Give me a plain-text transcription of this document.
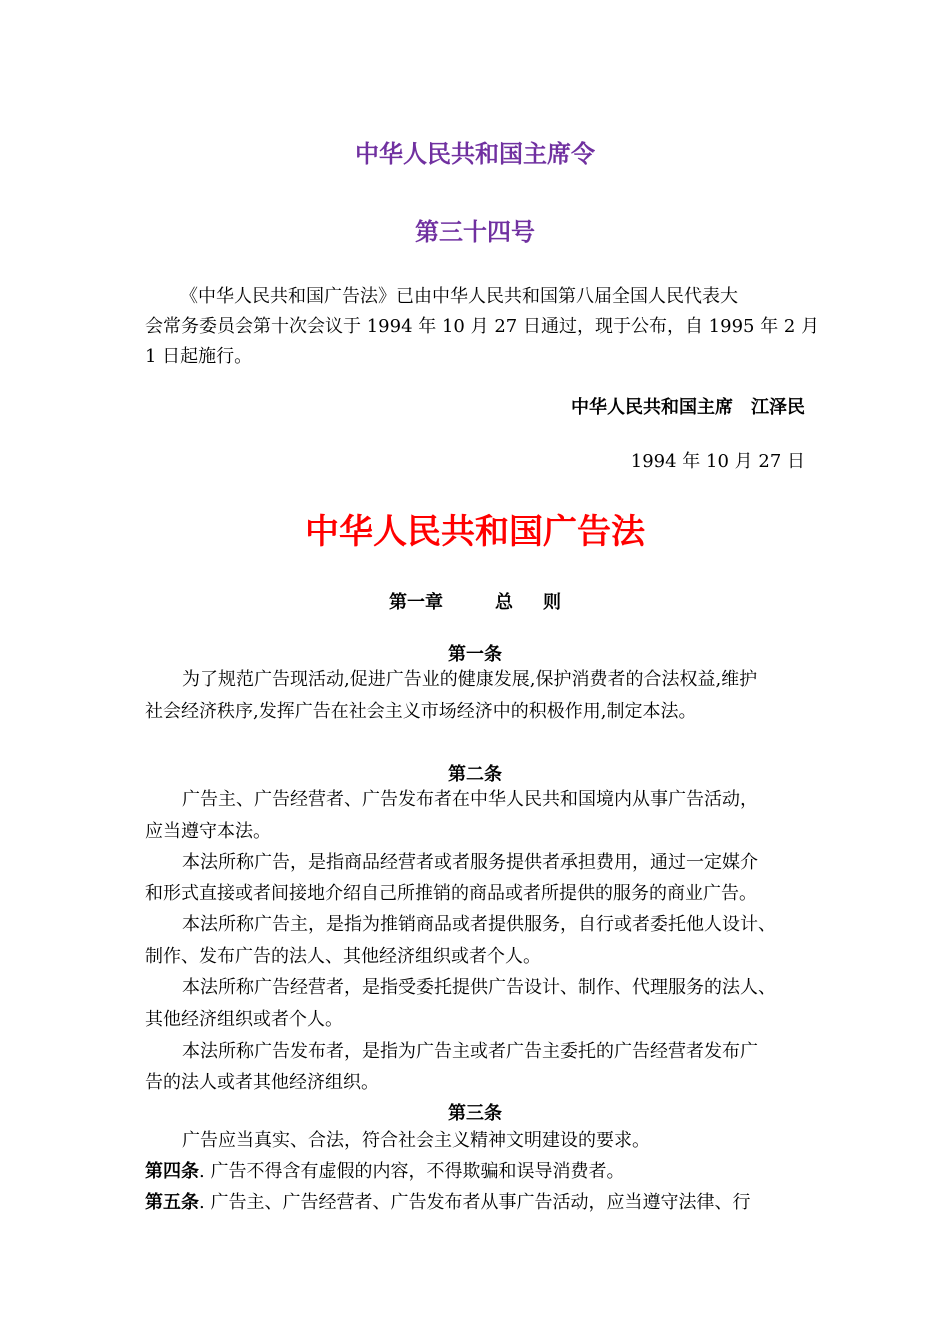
中华人民共和国主席令
第三十四号
《中华人民共和国广告法》已由中华人民共和国第八届全国人民代表大
会常务委员会第十次会议于 1994 年 10 月 27 日通过，现于公布，自 1995 年 2 月
1 日起施行。
中华人民共和国主席　江泽民
1994 年 10 月 27 日
中华人民共和国广告法
第一章	总 则
第一条
为了规范广告现活动,促进广告业的健康发展,保护消费者的合法权益,维护
社会经济秩序,发挥广告在社会主义市场经济中的积极作用,制定本法。
第二条
广告主、广告经营者、广告发布者在中华人民共和国境内从事广告活动，
应当遵守本法。
本法所称广告，是指商品经营者或者服务提供者承担费用，通过一定媒介
和形式直接或者间接地介绍自己所推销的商品或者所提供的服务的商业广告。
本法所称广告主，是指为推销商品或者提供服务，自行或者委托他人设计、
制作、发布广告的法人、其他经济组织或者个人。
本法所称广告经营者，是指受委托提供广告设计、制作、代理服务的法人、
其他经济组织或者个人。
本法所称广告发布者，是指为广告主或者广告主委托的广告经营者发布广
告的法人或者其他经济组织。
第三条
广告应当真实、合法，符合社会主义精神文明建设的要求。
第四条. 广告不得含有虚假的内容，不得欺骗和误导消费者。
第五条. 广告主、广告经营者、广告发布者从事广告活动，应当遵守法律、行
